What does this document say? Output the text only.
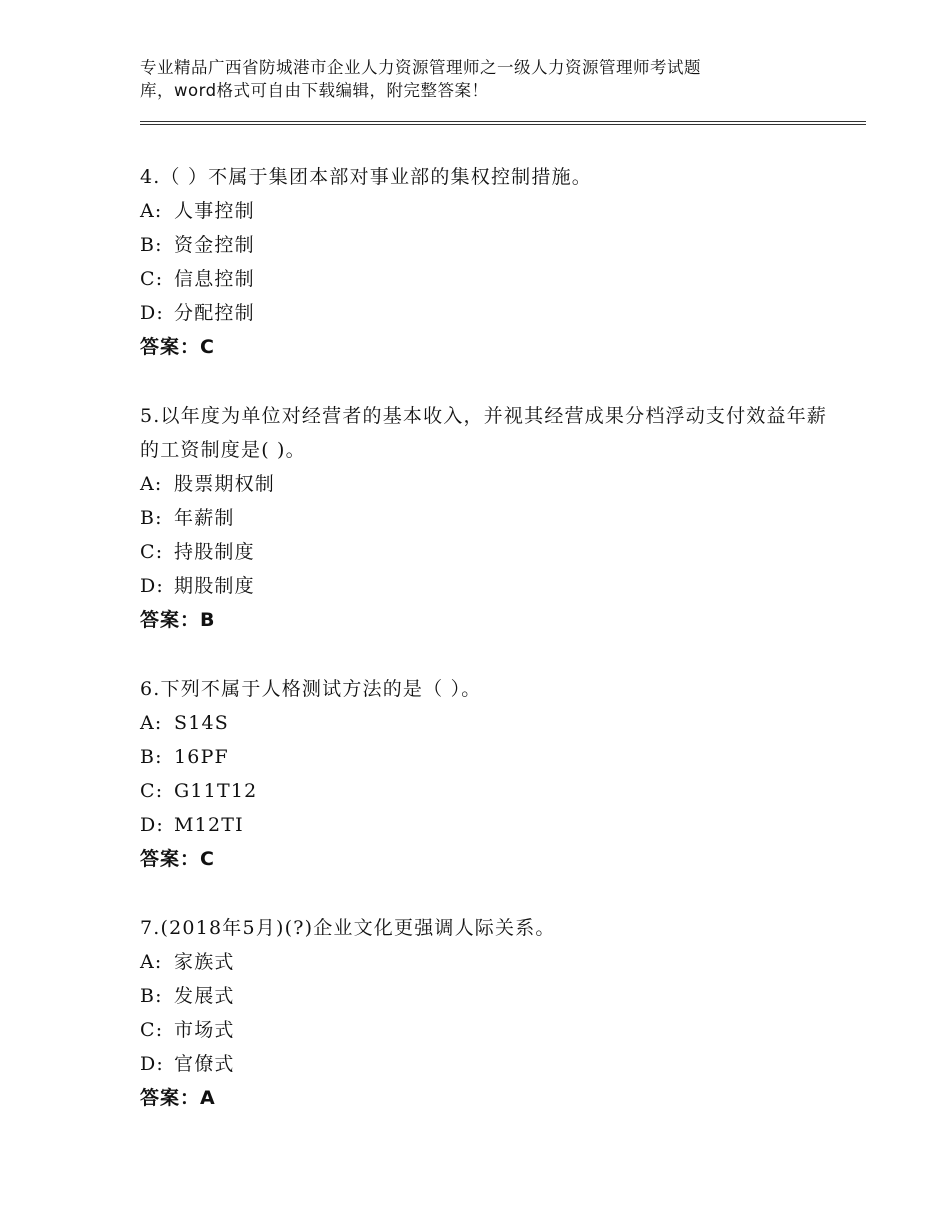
专业精品广西省防城港市企业人力资源管理师之一级人力资源管理师考试题
库，word格式可自由下载编辑，附完整答案！
4.（ ）不属于集团本部对事业部的集权控制措施。
A: 人事控制
B: 资金控制
C: 信息控制
D: 分配控制
答案：C
5.以年度为单位对经营者的基本收入，并视其经营成果分档浮动支付效益年薪的工资制度是( )。
A: 股票期权制
B: 年薪制
C: 持股制度
D: 期股制度
答案：B
6.下列不属于人格测试方法的是（ ）。
A: S14S
B: 16PF
C: G11T12
D: M12TI
答案：C
7.(2018年5月)(?)企业文化更强调人际关系。
A: 家族式
B: 发展式
C: 市场式
D: 官僚式
答案：A
